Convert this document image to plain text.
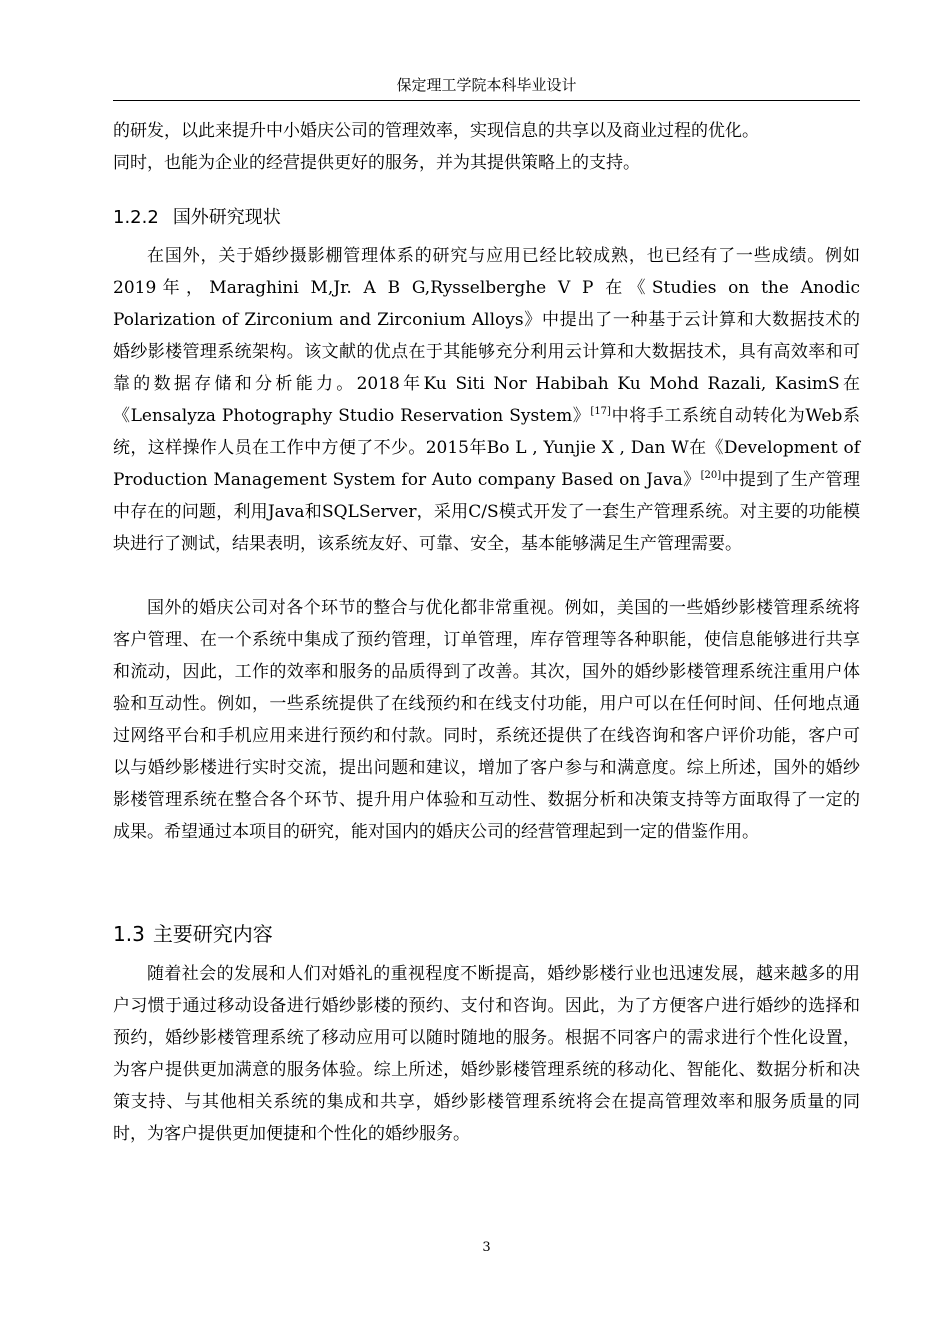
保定理工学院本科毕业设计

的研发，以此来提升中小婚庆公司的管理效率，实现信息的共享以及商业过程的优化。
同时，也能为企业的经营提供更好的服务，并为其提供策略上的支持。

1.2.2 国外研究现状

在国外，关于婚纱摄影棚管理体系的研究与应用已经比较成熟，也已经有了一些成绩。例如2019年，Maraghini M,Jr. A B G,Rysselberghe V P 在《Studies on the Anodic Polarization of Zirconium and Zirconium Alloys》中提出了一种基于云计算和大数据技术的婚纱影楼管理系统架构。该文献的优点在于其能够充分利用云计算和大数据技术，具有高效率和可靠的数据存储和分析能力。2018年Ku Siti Nor Habibah Ku Mohd Razali, KasimS在《Lensalyza Photography Studio Reservation System》[17]中将手工系统自动转化为Web系统，这样操作人员在工作中方便了不少。2015年Bo L , Yunjie X , Dan W在《Development of Production Management System for Auto company Based on Java》[20]中提到了生产管理中存在的问题，利用Java和SQLServer，采用C/S模式开发了一套生产管理系统。对主要的功能模块进行了测试，结果表明，该系统友好、可靠、安全，基本能够满足生产管理需要。

国外的婚庆公司对各个环节的整合与优化都非常重视。例如，美国的一些婚纱影楼管理系统将客户管理、在一个系统中集成了预约管理，订单管理，库存管理等各种职能，使信息能够进行共享和流动，因此，工作的效率和服务的品质得到了改善。其次，国外的婚纱影楼管理系统注重用户体验和互动性。例如，一些系统提供了在线预约和在线支付功能，用户可以在任何时间、任何地点通过网络平台和手机应用来进行预约和付款。同时，系统还提供了在线咨询和客户评价功能，客户可以与婚纱影楼进行实时交流，提出问题和建议，增加了客户参与和满意度。综上所述，国外的婚纱影楼管理系统在整合各个环节、提升用户体验和互动性、数据分析和决策支持等方面取得了一定的成果。希望通过本项目的研究，能对国内的婚庆公司的经营管理起到一定的借鉴作用。

1.3 主要研究内容

随着社会的发展和人们对婚礼的重视程度不断提高，婚纱影楼行业也迅速发展，越来越多的用户习惯于通过移动设备进行婚纱影楼的预约、支付和咨询。因此，为了方便客户进行婚纱的选择和预约，婚纱影楼管理系统了移动应用可以随时随地的服务。根据不同客户的需求进行个性化设置，为客户提供更加满意的服务体验。综上所述，婚纱影楼管理系统的移动化、智能化、数据分析和决策支持、与其他相关系统的集成和共享，婚纱影楼管理系统将会在提高管理效率和服务质量的同时，为客户提供更加便捷和个性化的婚纱服务。

3
